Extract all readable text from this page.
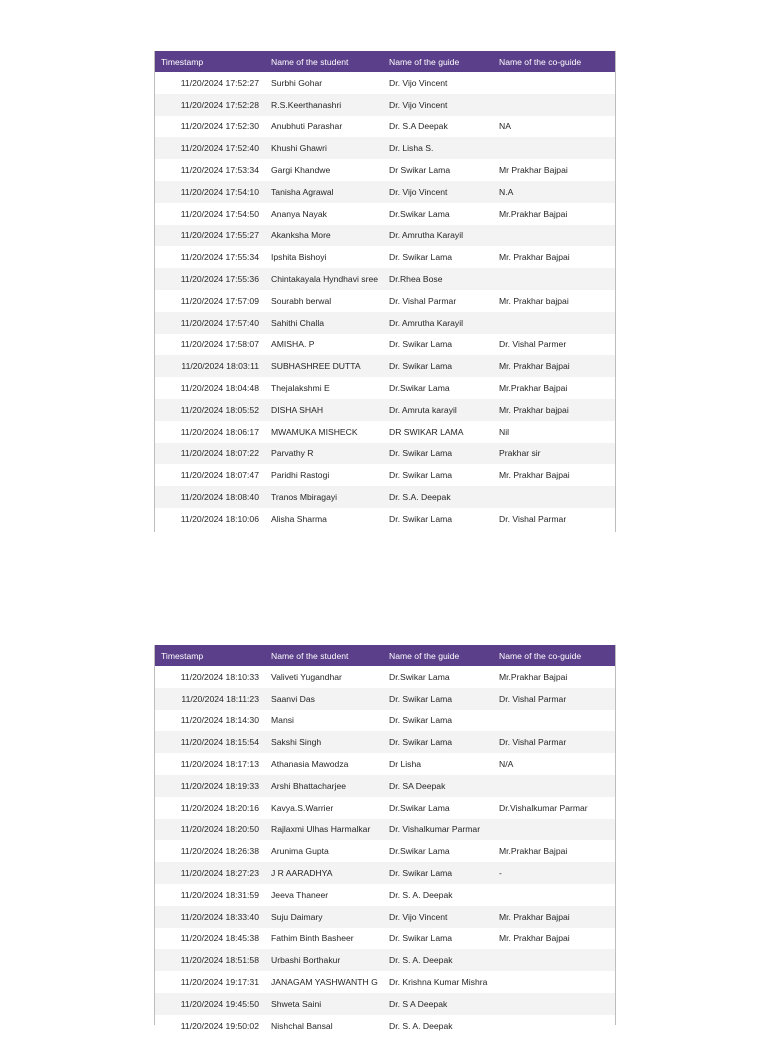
Timestamp	Name of the student	Name of the guide	Name of the co-guide
11/20/2024 17:52:27	Surbhi Gohar	Dr. Vijo Vincent	
11/20/2024 17:52:28	R.S.Keerthanashri	Dr. Vijo Vincent	
11/20/2024 17:52:30	Anubhuti Parashar	Dr. S.A Deepak	NA
11/20/2024 17:52:40	Khushi Ghawri	Dr. Lisha S.	
11/20/2024 17:53:34	Gargi Khandwe	Dr Swikar Lama	Mr Prakhar Bajpai
11/20/2024 17:54:10	Tanisha Agrawal	Dr. Vijo Vincent	N.A
11/20/2024 17:54:50	Ananya Nayak	Dr.Swikar Lama	Mr.Prakhar Bajpai
11/20/2024 17:55:27	Akanksha More	Dr. Amrutha Karayil	
11/20/2024 17:55:34	Ipshita Bishoyi	Dr. Swikar Lama	Mr. Prakhar Bajpai
11/20/2024 17:55:36	Chintakayala Hyndhavi sree	Dr.Rhea Bose	
11/20/2024 17:57:09	Sourabh berwal	Dr. Vishal Parmar	Mr. Prakhar bajpai
11/20/2024 17:57:40	Sahithi Challa	Dr. Amrutha Karayil	
11/20/2024 17:58:07	AMISHA. P	Dr. Swikar Lama	Dr. Vishal Parmer
11/20/2024 18:03:11	SUBHASHREE DUTTA	Dr. Swikar Lama	Mr. Prakhar Bajpai
11/20/2024 18:04:48	Thejalakshmi E	Dr.Swikar Lama	Mr.Prakhar Bajpai
11/20/2024 18:05:52	DISHA SHAH	Dr. Amruta karayil	Mr. Prakhar bajpai
11/20/2024 18:06:17	MWAMUKA MISHECK	DR SWIKAR LAMA	Nil
11/20/2024 18:07:22	Parvathy R	Dr. Swikar Lama	Prakhar sir
11/20/2024 18:07:47	Paridhi Rastogi	Dr. Swikar Lama	Mr. Prakhar Bajpai
11/20/2024 18:08:40	Tranos Mbiragayi	Dr. S.A. Deepak	
11/20/2024 18:10:06	Alisha Sharma	Dr. Swikar Lama	Dr. Vishal Parmar
Timestamp	Name of the student	Name of the guide	Name of the co-guide
11/20/2024 18:10:33	Valiveti Yugandhar	Dr.Swikar Lama	Mr.Prakhar Bajpai
11/20/2024 18:11:23	Saanvi Das	Dr. Swikar Lama	Dr. Vishal Parmar
11/20/2024 18:14:30	Mansi	Dr. Swikar Lama	
11/20/2024 18:15:54	Sakshi Singh	Dr. Swikar Lama	Dr. Vishal Parmar
11/20/2024 18:17:13	Athanasia Mawodza	Dr Lisha	N/A
11/20/2024 18:19:33	Arshi Bhattacharjee	Dr. SA Deepak	
11/20/2024 18:20:16	Kavya.S.Warrier	Dr.Swikar Lama	Dr.Vishalkumar Parmar
11/20/2024 18:20:50	Rajlaxmi Ulhas Harmalkar	Dr. Vishalkumar Parmar	
11/20/2024 18:26:38	Arunima Gupta	Dr.Swikar Lama	Mr.Prakhar Bajpai
11/20/2024 18:27:23	J R AARADHYA	Dr. Swikar Lama	-
11/20/2024 18:31:59	Jeeva Thaneer	Dr. S. A. Deepak	
11/20/2024 18:33:40	Suju Daimary	Dr. Vijo Vincent	Mr. Prakhar Bajpai
11/20/2024 18:45:38	Fathim Binth Basheer	Dr. Swikar Lama	Mr. Prakhar Bajpai
11/20/2024 18:51:58	Urbashi Borthakur	Dr. S. A. Deepak	
11/20/2024 19:17:31	JANAGAM YASHWANTH G	Dr. Krishna Kumar Mishra	
11/20/2024 19:45:50	Shweta Saini	Dr. S A Deepak	
11/20/2024 19:50:02	Nishchal Bansal	Dr. S. A. Deepak	
